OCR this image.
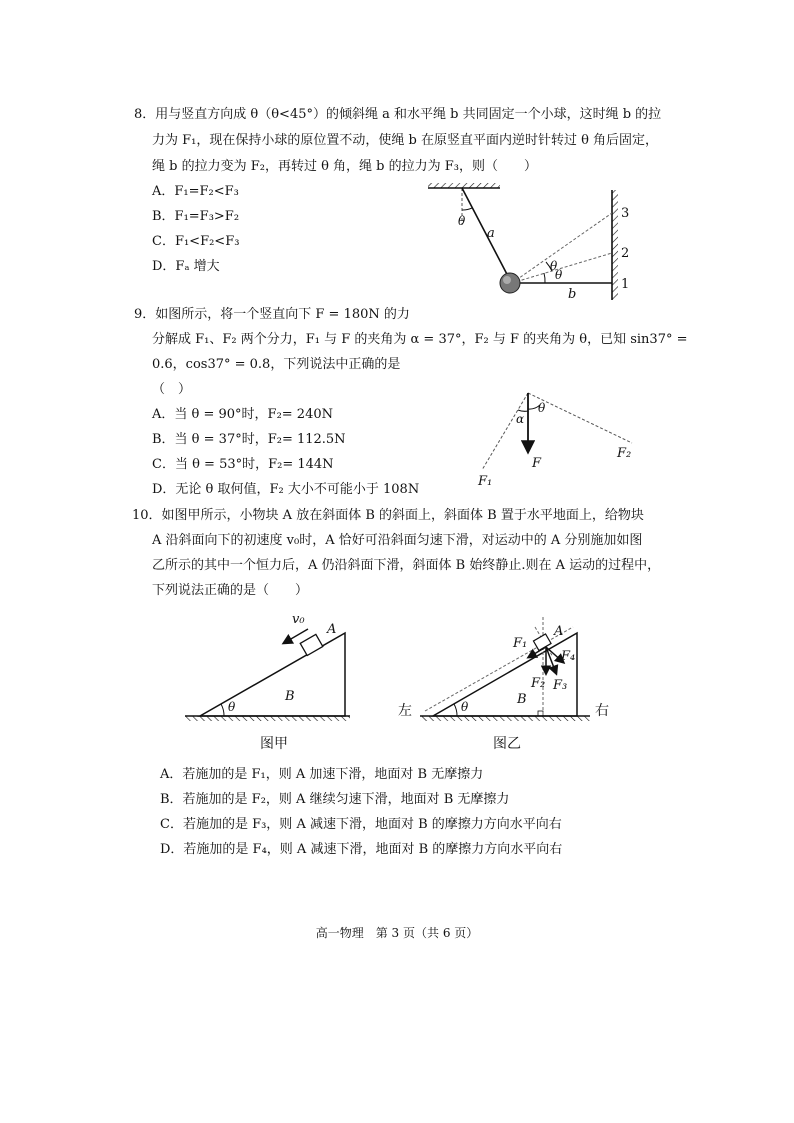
8．用与竖直方向成 θ（θ<45°）的倾斜绳 a 和水平绳 b 共同固定一个小球，这时绳 b 的拉
力为 F₁，现在保持小球的原位置不动，使绳 b 在原竖直平面内逆时针转过 θ 角后固定，
绳 b 的拉力变为 F₂，再转过 θ 角，绳 b 的拉力为 F₃，则（　　）
A．F₁=F₂<F₃
B．F₁=F₃>F₂
C．F₁<F₂<F₃
D．Fₐ 增大
θ
a
θ
θ
b
1
2
3
9．如图所示，将一个竖直向下 F = 180N 的力
分解成 F₁、F₂ 两个分力，F₁ 与 F 的夹角为 α = 37°，F₂ 与 F 的夹角为 θ，已知 sin37° =
0.6，cos37° = 0.8，下列说法中正确的是
（　）
A．当 θ = 90°时，F₂= 240N
B．当 θ = 37°时，F₂= 112.5N
C．当 θ = 53°时，F₂= 144N
D．无论 θ 取何值，F₂ 大小不可能小于 108N
α
θ
F
F₁
F₂
10．如图甲所示，小物块 A 放在斜面体 B 的斜面上，斜面体 B 置于水平地面上，给物块
A 沿斜面向下的初速度 v₀时，A 恰好可沿斜面匀速下滑，对运动中的 A 分别施加如图
乙所示的其中一个恒力后，A 仍沿斜面下滑，斜面体 B 始终静止.则在 A 运动的过程中，
下列说法正确的是（　　）
v₀
A
B
θ
图甲
左	右
A
F₁
F₂ F₃
F₄
B
θ
图乙
A．若施加的是 F₁，则 A 加速下滑，地面对 B 无摩擦力
B．若施加的是 F₂，则 A 继续匀速下滑，地面对 B 无摩擦力
C．若施加的是 F₃，则 A 减速下滑，地面对 B 的摩擦力方向水平向右
D．若施加的是 F₄，则 A 减速下滑，地面对 B 的摩擦力方向水平向右
高一物理　第 3 页（共 6 页）
